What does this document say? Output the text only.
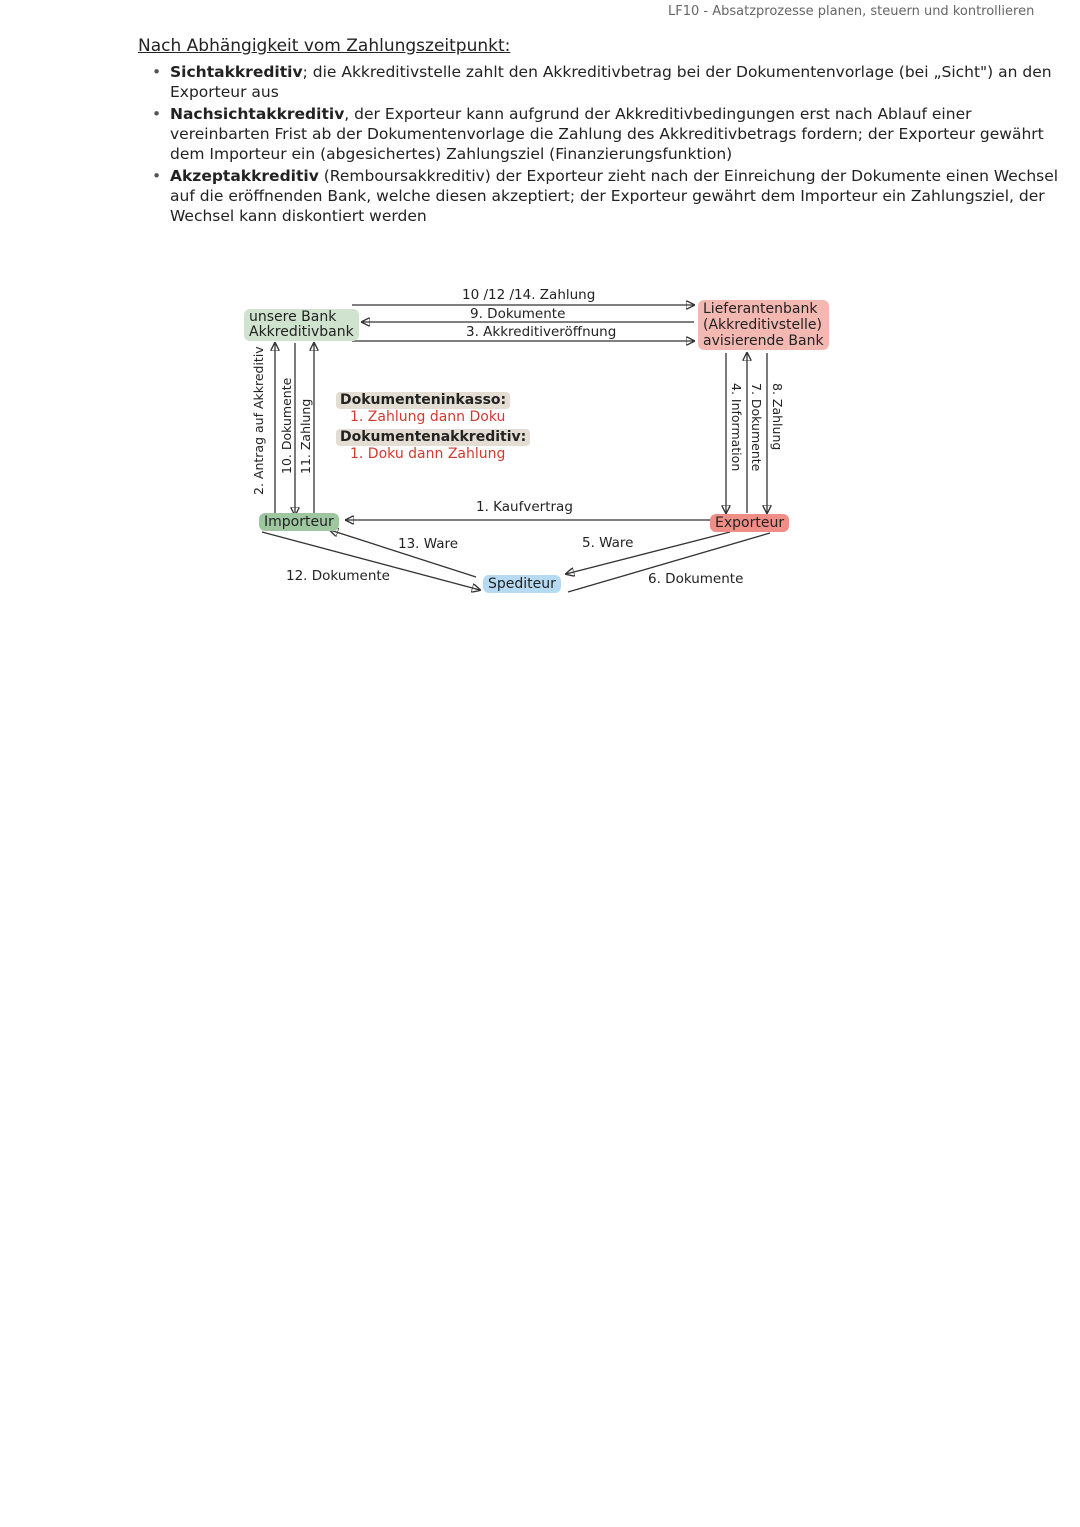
LF10 - Absatzprozesse planen, steuern und kontrollieren
Nach Abhängigkeit vom Zahlungszeitpunkt:
• Sichtakkreditiv; die Akkreditivstelle zahlt den Akkreditivbetrag bei der Dokumentenvorlage (bei „Sicht") an den Exporteur aus
• Nachsichtakkreditiv, der Exporteur kann aufgrund der Akkreditivbedingungen erst nach Ablauf einer vereinbarten Frist ab der Dokumentenvorlage die Zahlung des Akkreditivbetrags fordern; der Exporteur gewährt dem Importeur ein (abgesichertes) Zahlungsziel (Finanzierungsfunktion)
• Akzeptakkreditiv (Remboursakkreditiv) der Exporteur zieht nach der Einreichung der Dokumente einen Wechsel auf die eröffnenden Bank, welche diesen akzeptiert; der Exporteur gewährt dem Importeur ein Zahlungsziel, der Wechsel kann diskontiert werden
10 /12 /14. Zahlung
9. Dokumente
3. Akkreditiveröffnung
unsere Bank
Akkreditivbank
Lieferantenbank
(Akkreditivstelle)
avisierende Bank
Importeur	Exporteur
Spediteur
2. Antrag auf Akkreditiv 10. Dokumente 11. Zahlung	4. Information 7. Dokumente 8. Zahlung
1. Kaufvertrag
13. Ware	5. Ware
12. Dokumente	6. Dokumente
Dokumenteninkasso:
1. Zahlung dann Doku
Dokumentenakkreditiv:
1. Doku dann Zahlung
